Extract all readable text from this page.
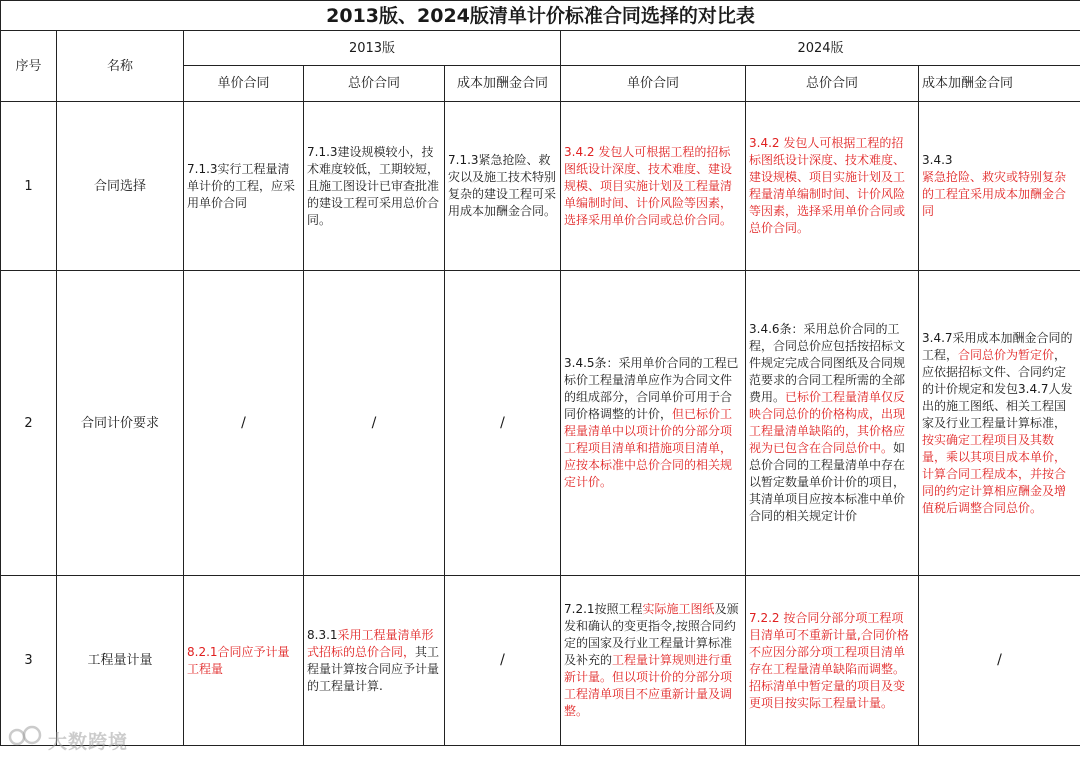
2013版、2024版清单计价标准合同选择的对比表							
序号	名称	2013版			2024版		
		单价合同	总价合同	成本加酬金合同	单价合同	总价合同	成本加酬金合同
1	合同选择	7.1.3实行工程量清单计价的工程，应采用单价合同	7.1.3建设规模较小，技术难度较低，工期较短，且施工图设计已审查批准的建设工程可采用总价合同。	7.1.3紧急抢险、救灾以及施工技术特别复杂的建设工程可采用成本加酬金合同。	3.4.2 发包人可根据工程的招标图纸设计深度、技术难度、建设规模、项目实施计划及工程量清单编制时间、计价风险等因素，选择采用单价合同或总价合同。	3.4.2 发包人可根据工程的招标图纸设计深度、技术难度、建设规模、项目实施计划及工程量清单编制时间、计价风险等因素，选择采用单价合同或总价合同。	3.4.3
紧急抢险、救灾或特别复杂的工程宜采用成本加酬金合同

2	合同计价要求	/	/	/	3.4.5条：采用单价合同的工程已标价工程量清单应作为合同文件的组成部分，合同单价可用于合同价格调整的计价，但已标价工程量清单中以项计价的分部分项工程项目清单和措施项目清单，应按本标准中总价合同的相关规定计价。	3.4.6条：采用总价合同的工程，合同总价应包括按招标文件规定完成合同图纸及合同规范要求的合同工程所需的全部费用。已标价工程量清单仅反映合同总价的价格构成，出现工程量清单缺陷的，其价格应视为已包含在合同总价中。如总价合同的工程量清单中存在以暂定数量单价计价的项目，其清单项目应按本标准中单价合同的相关规定计价	3.4.7采用成本加酬金合同的工程，合同总价为暂定价，应依据招标文件、合同约定的计价规定和发包3.4.7人发出的施工图纸、相关工程国家及行业工程量计算标准，按实确定工程项目及其数量，乘以其项目成本单价，计算合同工程成本，并按合同的约定计算相应酬金及增值税后调整合同总价。
3	工程量计量	8.2.1合同应予计量工程量	8.3.1采用工程量清单形式招标的总价合同，其工程量计算按合同应予计量的工程量计算.	/	7.2.1按照工程实际施工图纸及颁发和确认的变更指令,按照合同约定的国家及行业工程量计算标准及补充的工程量计算规则进行重新计量。但以项计价的分部分项工程清单项目不应重新计量及调整。	7.2.2 按合同分部分项工程项目清单可不重新计量,合同价格不应因分部分项工程项目清单存在工程量清单缺陷而调整。招标清单中暂定量的项目及变更项目按实际工程量计量。	/
大数跨境
